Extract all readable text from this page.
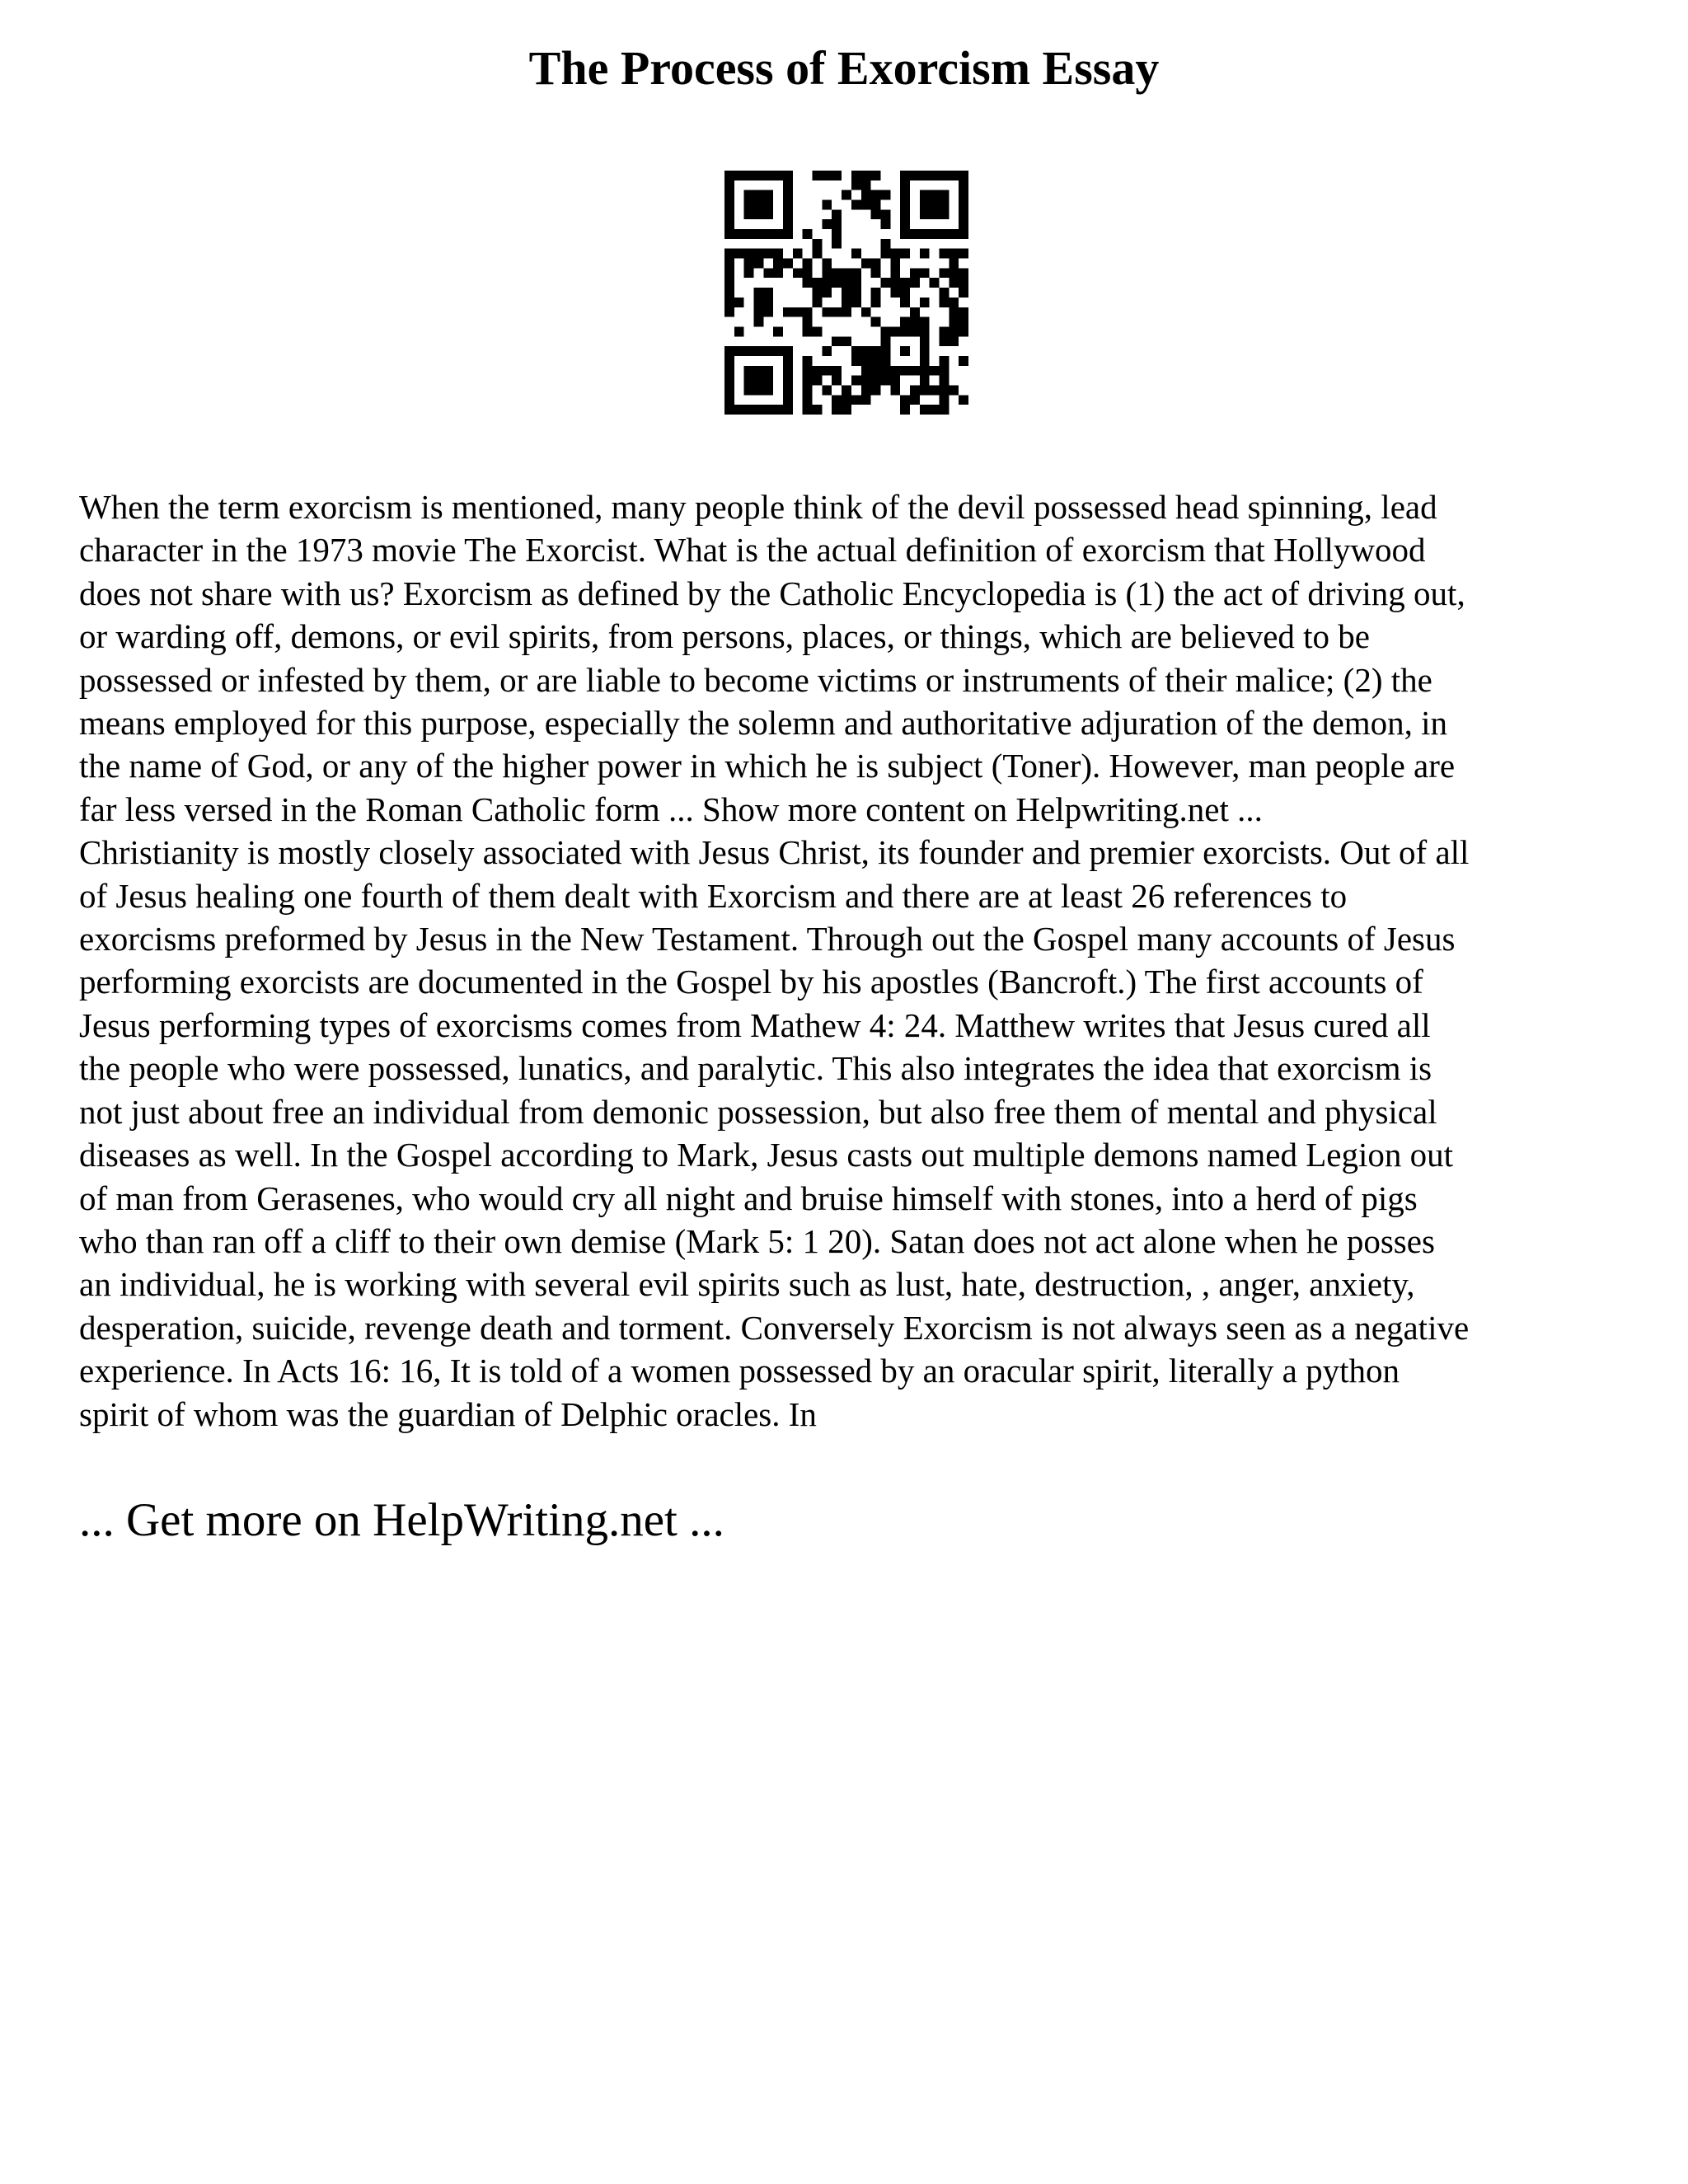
The Process of Exorcism Essay
When the term exorcism is mentioned, many people think of the devil possessed head spinning, lead
character in the 1973 movie The Exorcist. What is the actual definition of exorcism that Hollywood
does not share with us? Exorcism as defined by the Catholic Encyclopedia is (1) the act of driving out,
or warding off, demons, or evil spirits, from persons, places, or things, which are believed to be
possessed or infested by them, or are liable to become victims or instruments of their malice; (2) the
means employed for this purpose, especially the solemn and authoritative adjuration of the demon, in
the name of God, or any of the higher power in which he is subject (Toner). However, man people are
far less versed in the Roman Catholic form ... Show more content on Helpwriting.net ...
Christianity is mostly closely associated with Jesus Christ, its founder and premier exorcists. Out of all
of Jesus healing one fourth of them dealt with Exorcism and there are at least 26 references to
exorcisms preformed by Jesus in the New Testament. Through out the Gospel many accounts of Jesus
performing exorcists are documented in the Gospel by his apostles (Bancroft.) The first accounts of
Jesus performing types of exorcisms comes from Mathew 4: 24. Matthew writes that Jesus cured all
the people who were possessed, lunatics, and paralytic. This also integrates the idea that exorcism is
not just about free an individual from demonic possession, but also free them of mental and physical
diseases as well. In the Gospel according to Mark, Jesus casts out multiple demons named Legion out
of man from Gerasenes, who would cry all night and bruise himself with stones, into a herd of pigs
who than ran off a cliff to their own demise (Mark 5: 1 20). Satan does not act alone when he posses
an individual, he is working with several evil spirits such as lust, hate, destruction, , anger, anxiety,
desperation, suicide, revenge death and torment. Conversely Exorcism is not always seen as a negative
experience. In Acts 16: 16, It is told of a women possessed by an oracular spirit, literally a python
spirit of whom was the guardian of Delphic oracles. In

... Get more on HelpWriting.net ...
